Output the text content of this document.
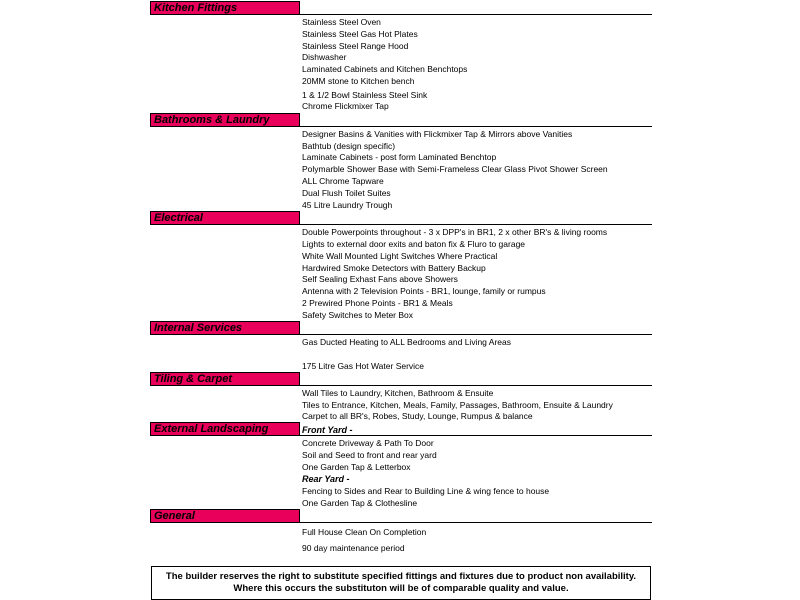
Kitchen Fittings
Stainless Steel Oven
Stainless Steel Gas Hot Plates
Stainless Steel Range Hood
Dishwasher
Laminated Cabinets and Kitchen Benchtops
20MM stone to Kitchen bench
1 & 1/2 Bowl Stainless Steel Sink
Chrome Flickmixer Tap
Bathrooms & Laundry
Designer Basins & Vanities with Flickmixer Tap & Mirrors above Vanities
Bathtub (design specific)
Laminate Cabinets - post form Laminated Benchtop
Polymarble Shower Base with Semi-Frameless Clear Glass Pivot Shower Screen
ALL Chrome Tapware
Dual Flush Toilet Suites
45 Litre Laundry Trough
Electrical
Double Powerpoints throughout - 3 x DPP's in BR1, 2 x other BR's & living rooms
Lights to external door exits and baton fix & Fluro to garage
White Wall Mounted Light Switches Where Practical
Hardwired Smoke Detectors with Battery Backup
Self Sealing Exhast Fans above Showers
Antenna with 2 Television Points - BR1, lounge, family or rumpus
2 Prewired Phone Points - BR1 & Meals
Safety Switches to Meter Box
Internal Services
Gas Ducted Heating to ALL Bedrooms and Living Areas
175 Litre Gas Hot Water Service
Tiling & Carpet
Wall Tiles to Laundry, Kitchen, Bathroom & Ensuite
Tiles to Entrance, Kitchen, Meals, Family, Passages, Bathroom, Ensuite & Laundry
Carpet to all BR's, Robes, Study, Lounge, Rumpus & balance
External Landscaping	Front Yard -
Concrete Driveway & Path To Door
Soil and Seed to front and rear yard
One Garden Tap & Letterbox
Rear Yard -
Fencing to Sides and Rear to Building Line & wing fence to house
One Garden Tap & Clothesline
General
Full House Clean On Completion
90 day maintenance period
The builder reserves the right to substitute specified fittings and fixtures due to product non availability.
Where this occurs the substituton will be of comparable quality and value.
